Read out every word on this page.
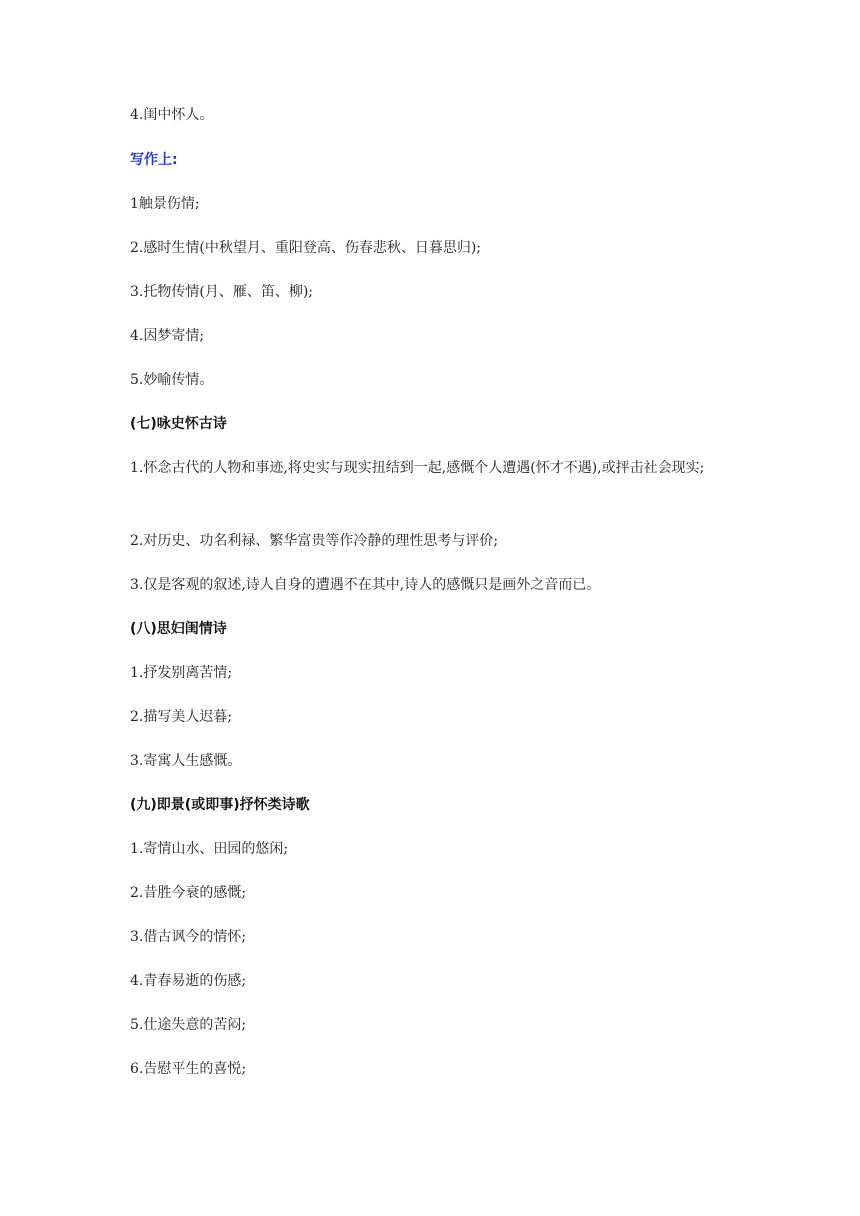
4.闺中怀人。

写作上:

1触景伤情;

2.感时生情(中秋望月、重阳登高、伤春悲秋、日暮思归);

3.托物传情(月、雁、笛、柳);

4.因梦寄情;

5.妙喻传情。

(七)咏史怀古诗

1.怀念古代的人物和事迹,将史实与现实扭结到一起,感慨个人遭遇(怀才不遇),或抨击社会现实;

2.对历史、功名利禄、繁华富贵等作冷静的理性思考与评价;

3.仅是客观的叙述,诗人自身的遭遇不在其中,诗人的感慨只是画外之音而已。

(八)思妇闺情诗

1.抒发别离苦情;

2.描写美人迟暮;

3.寄寓人生感慨。

(九)即景(或即事)抒怀类诗歌

1.寄情山水、田园的悠闲;

2.昔胜今衰的感慨;

3.借古讽今的情怀;

4.青春易逝的伤感;

5.仕途失意的苦闷;

6.告慰平生的喜悦;
